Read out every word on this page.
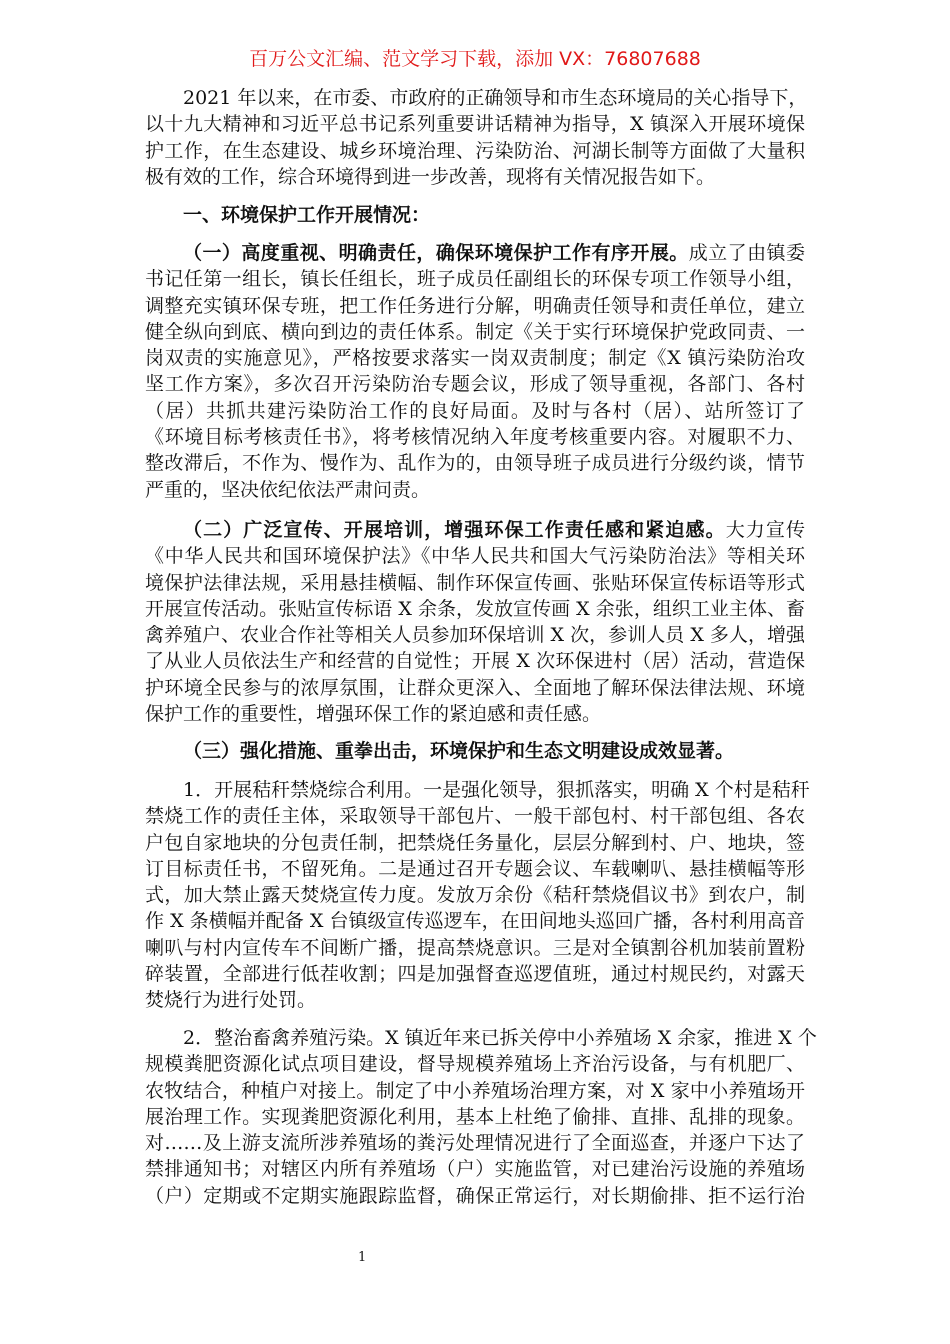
百万公文汇编、范文学习下载，添加 VX：76807688
2021 年以来，在市委、市政府的正确领导和市生态环境局的关心指导下，
以十九大精神和习近平总书记系列重要讲话精神为指导，X 镇深入开展环境保
护工作，在生态建设、城乡环境治理、污染防治、河湖长制等方面做了大量积
极有效的工作，综合环境得到进一步改善，现将有关情况报告如下。
一、环境保护工作开展情况：
（一）高度重视、明确责任，确保环境保护工作有序开展。成立了由镇委
书记任第一组长，镇长任组长，班子成员任副组长的环保专项工作领导小组，
调整充实镇环保专班，把工作任务进行分解，明确责任领导和责任单位，建立
健全纵向到底、横向到边的责任体系。制定《关于实行环境保护党政同责、一
岗双责的实施意见》，严格按要求落实一岗双责制度；制定《X 镇污染防治攻
坚工作方案》，多次召开污染防治专题会议，形成了领导重视，各部门、各村
（居）共抓共建污染防治工作的良好局面。及时与各村（居）、站所签订了
《环境目标考核责任书》，将考核情况纳入年度考核重要内容。对履职不力、
整改滞后，不作为、慢作为、乱作为的，由领导班子成员进行分级约谈，情节
严重的，坚决依纪依法严肃问责。
（二）广泛宣传、开展培训，增强环保工作责任感和紧迫感。大力宣传
《中华人民共和国环境保护法》《中华人民共和国大气污染防治法》等相关环
境保护法律法规，采用悬挂横幅、制作环保宣传画、张贴环保宣传标语等形式
开展宣传活动。张贴宣传标语 X 余条，发放宣传画 X 余张，组织工业主体、畜
禽养殖户、农业合作社等相关人员参加环保培训 X 次，参训人员 X 多人，增强
了从业人员依法生产和经营的自觉性；开展 X 次环保进村（居）活动，营造保
护环境全民参与的浓厚氛围，让群众更深入、全面地了解环保法律法规、环境
保护工作的重要性，增强环保工作的紧迫感和责任感。
（三）强化措施、重拳出击，环境保护和生态文明建设成效显著。
1．开展秸秆禁烧综合利用。一是强化领导，狠抓落实，明确 X 个村是秸秆
禁烧工作的责任主体，采取领导干部包片、一般干部包村、村干部包组、各农
户包自家地块的分包责任制，把禁烧任务量化，层层分解到村、户、地块，签
订目标责任书，不留死角。二是通过召开专题会议、车载喇叭、悬挂横幅等形
式，加大禁止露天焚烧宣传力度。发放万余份《秸秆禁烧倡议书》到农户，制
作 X 条横幅并配备 X 台镇级宣传巡逻车，在田间地头巡回广播，各村利用高音
喇叭与村内宣传车不间断广播，提高禁烧意识。三是对全镇割谷机加装前置粉
碎装置，全部进行低茬收割；四是加强督查巡逻值班，通过村规民约，对露天
焚烧行为进行处罚。
2．整治畜禽养殖污染。X 镇近年来已拆关停中小养殖场 X 余家，推进 X 个
规模粪肥资源化试点项目建设，督导规模养殖场上齐治污设备，与有机肥厂、
农牧结合，种植户对接上。制定了中小养殖场治理方案，对 X 家中小养殖场开
展治理工作。实现粪肥资源化利用，基本上杜绝了偷排、直排、乱排的现象。
对……及上游支流所涉养殖场的粪污处理情况进行了全面巡查，并逐户下达了
禁排通知书；对辖区内所有养殖场（户）实施监管，对已建治污设施的养殖场
（户）定期或不定期实施跟踪监督，确保正常运行，对长期偷排、拒不运行治
1
